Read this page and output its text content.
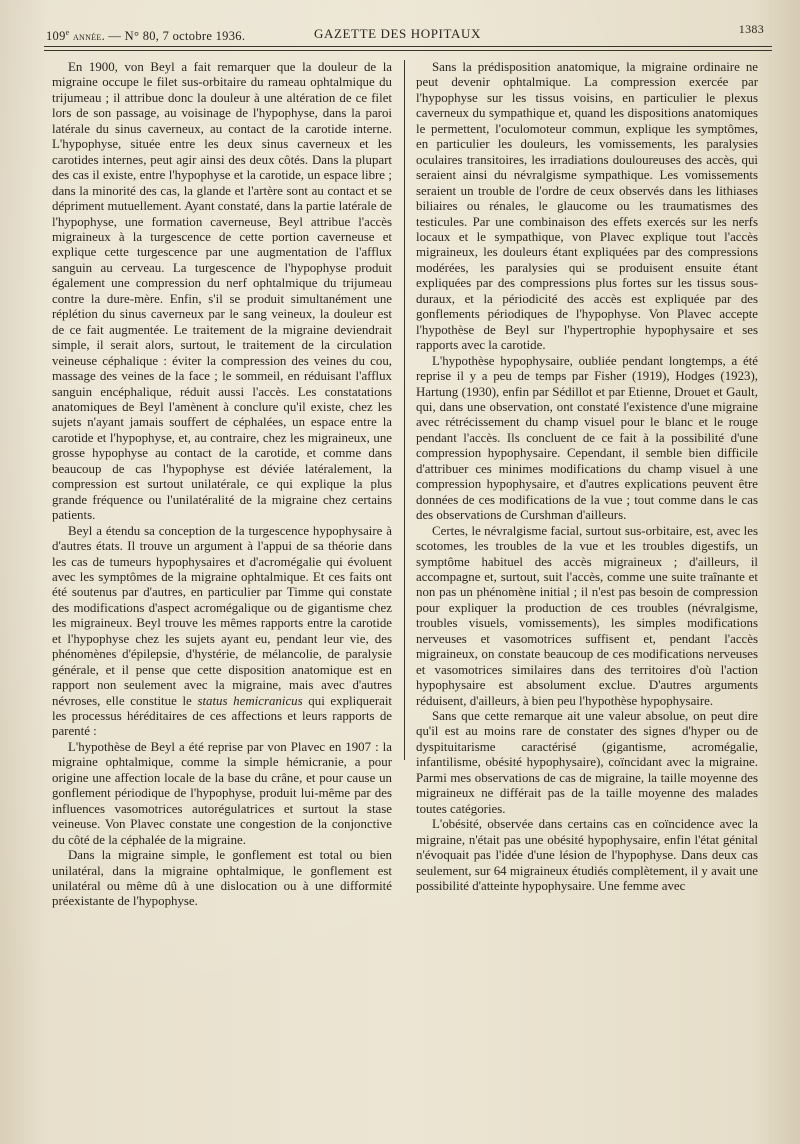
109e année. — N° 80, 7 octobre 1936.	GAZETTE DES HOPITAUX	1383

En 1900, von Beyl a fait remarquer que la douleur de la migraine occupe le filet sus-orbitaire du rameau ophtalmique du trijumeau ; il attribue donc la douleur à une altération de ce filet lors de son passage, au voisinage de l'hypophyse, dans la paroi latérale du sinus caverneux, au contact de la carotide interne. L'hypophyse, située entre les deux sinus caverneux et les carotides internes, peut agir ainsi des deux côtés. Dans la plupart des cas il existe, entre l'hypophyse et la carotide, un espace libre ; dans la minorité des cas, la glande et l'artère sont au contact et se dépriment mutuellement. Ayant constaté, dans la partie latérale de l'hypophyse, une formation caverneuse, Beyl attribue l'accès migraineux à la turgescence de cette portion caverneuse et explique cette turgescence par une augmentation de l'afflux sanguin au cerveau. La turgescence de l'hypophyse produit également une compression du nerf ophtalmique du trijumeau contre la dure-mère. Enfin, s'il se produit simultanément une réplétion du sinus caverneux par le sang veineux, la douleur est de ce fait augmentée. Le traitement de la migraine deviendrait simple, il serait alors, surtout, le traitement de la circulation veineuse céphalique : éviter la compression des veines du cou, massage des veines de la face ; le sommeil, en réduisant l'afflux sanguin encéphalique, réduit aussi l'accès. Les constatations anatomiques de Beyl l'amènent à conclure qu'il existe, chez les sujets n'ayant jamais souffert de céphalées, un espace entre la carotide et l'hypophyse, et, au contraire, chez les migraineux, une grosse hypophyse au contact de la carotide, et comme dans beaucoup de cas l'hypophyse est déviée latéralement, la compression est surtout unilatérale, ce qui explique la plus grande fréquence ou l'unilatéralité de la migraine chez certains patients.

Beyl a étendu sa conception de la turgescence hypophysaire à d'autres états. Il trouve un argument à l'appui de sa théorie dans les cas de tumeurs hypophysaires et d'acromégalie qui évoluent avec les symptômes de la migraine ophtalmique. Et ces faits ont été soutenus par d'autres, en particulier par Timme qui constate des modifications d'aspect acromégalique ou de gigantisme chez les migraineux. Beyl trouve les mêmes rapports entre la carotide et l'hypophyse chez les sujets ayant eu, pendant leur vie, des phénomènes d'épilepsie, d'hystérie, de mélancolie, de paralysie générale, et il pense que cette disposition anatomique est en rapport non seulement avec la migraine, mais avec d'autres névroses, elle constitue le status hemicranicus qui expliquerait les processus héréditaires de ces affections et leurs rapports de parenté :

L'hypothèse de Beyl a été reprise par von Plavec en 1907 : la migraine ophtalmique, comme la simple hémicranie, a pour origine une affection locale de la base du crâne, et pour cause un gonflement périodique de l'hypophyse, produit lui-même par des influences vasomotrices autorégulatrices et surtout la stase veineuse. Von Plavec constate une congestion de la conjonctive du côté de la céphalée de la migraine.

Dans la migraine simple, le gonflement est total ou bien unilatéral, dans la migraine ophtalmique, le gonflement est unilatéral ou même dû à une dislocation ou à une difformité préexistante de l'hypophyse.

Sans la prédisposition anatomique, la migraine ordinaire ne peut devenir ophtalmique. La compression exercée par l'hypophyse sur les tissus voisins, en particulier le plexus caverneux du sympathique et, quand les dispositions anatomiques le permettent, l'oculomoteur commun, explique les symptômes, en particulier les douleurs, les vomissements, les paralysies oculaires transitoires, les irradiations douloureuses des accès, qui seraient ainsi du névralgisme sympathique. Les vomissements seraient un trouble de l'ordre de ceux observés dans les lithiases biliaires ou rénales, le glaucome ou les traumatismes des testicules. Par une combinaison des effets exercés sur les nerfs locaux et le sympathique, von Plavec explique tout l'accès migraineux, les douleurs étant expliquées par des compressions modérées, les paralysies qui se produisent ensuite étant expliquées par des compressions plus fortes sur les tissus sous-duraux, et la périodicité des accès est expliquée par des gonflements périodiques de l'hypophyse. Von Plavec accepte l'hypothèse de Beyl sur l'hypertrophie hypophysaire et ses rapports avec la carotide.

L'hypothèse hypophysaire, oubliée pendant longtemps, a été reprise il y a peu de temps par Fisher (1919), Hodges (1923), Hartung (1930), enfin par Sédillot et par Etienne, Drouet et Gault, qui, dans une observation, ont constaté l'existence d'une migraine avec rétrécissement du champ visuel pour le blanc et le rouge pendant l'accès. Ils concluent de ce fait à la possibilité d'une compression hypophysaire. Cependant, il semble bien difficile d'attribuer ces minimes modifications du champ visuel à une compression hypophysaire, et d'autres explications peuvent être données de ces modifications de la vue ; tout comme dans le cas des observations de Curshman d'ailleurs.

Certes, le névralgisme facial, surtout sus-orbitaire, est, avec les scotomes, les troubles de la vue et les troubles digestifs, un symptôme habituel des accès migraineux ; d'ailleurs, il accompagne et, surtout, suit l'accès, comme une suite traînante et non pas un phénomène initial ; il n'est pas besoin de compression pour expliquer la production de ces troubles (névralgisme, troubles visuels, vomissements), les simples modifications nerveuses et vasomotrices suffisent et, pendant l'accès migraineux, on constate beaucoup de ces modifications nerveuses et vasomotrices similaires dans des territoires d'où l'action hypophysaire est absolument exclue. D'autres arguments réduisent, d'ailleurs, à bien peu l'hypothèse hypophysaire.

Sans que cette remarque ait une valeur absolue, on peut dire qu'il est au moins rare de constater des signes d'hyper ou de dyspituitarisme caractérisé (gigantisme, acromégalie, infantilisme, obésité hypophysaire), coïncidant avec la migraine. Parmi mes observations de cas de migraine, la taille moyenne des migraineux ne différait pas de la taille moyenne des malades toutes catégories.

L'obésité, observée dans certains cas en coïncidence avec la migraine, n'était pas une obésité hypophysaire, enfin l'état génital n'évoquait pas l'idée d'une lésion de l'hypophyse. Dans deux cas seulement, sur 64 migraineux étudiés complètement, il y avait une possibilité d'atteinte hypophysaire. Une femme avec
